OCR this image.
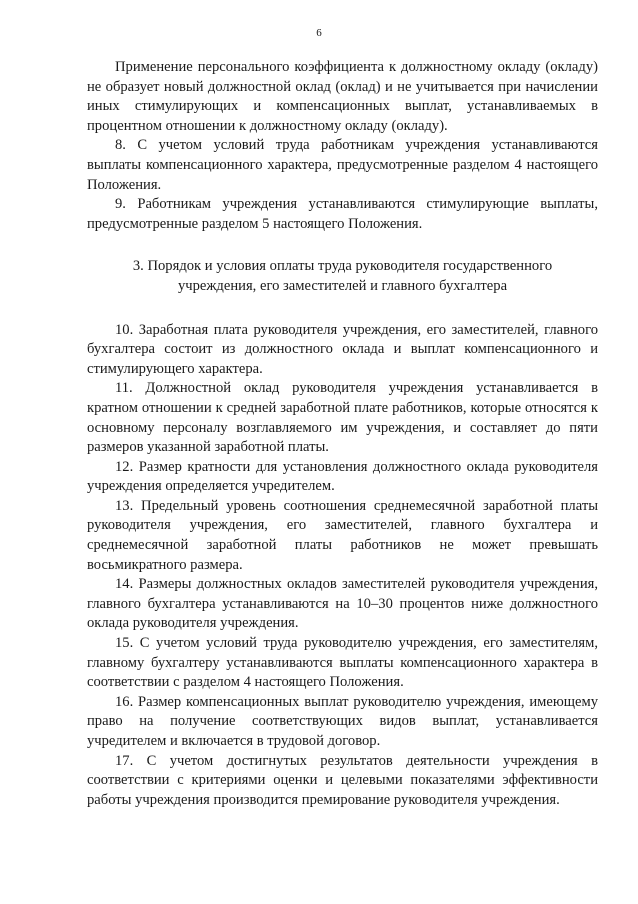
6

Применение персонального коэффициента к должностному окладу (окладу) не образует новый должностной оклад (оклад) и не учитывается при начислении иных стимулирующих и компенсационных выплат, устанавливаемых в процентном отношении к должностному окладу (окладу).

8. С учетом условий труда работникам учреждения устанавливаются выплаты компенсационного характера, предусмотренные разделом 4 настоящего Положения.

9. Работникам учреждения устанавливаются стимулирующие выплаты, предусмотренные разделом 5 настоящего Положения.

3. Порядок и условия оплаты труда руководителя государственного учреждения, его заместителей и главного бухгалтера

10. Заработная плата руководителя учреждения, его заместителей, главного бухгалтера состоит из должностного оклада и выплат компенсационного и стимулирующего характера.

11. Должностной оклад руководителя учреждения устанавливается в кратном отношении к средней заработной плате работников, которые относятся к основному персоналу возглавляемого им учреждения, и составляет до пяти размеров указанной заработной платы.

12. Размер кратности для установления должностного оклада руководителя учреждения определяется учредителем.

13. Предельный уровень соотношения среднемесячной заработной платы руководителя учреждения, его заместителей, главного бухгалтера и среднемесячной заработной платы работников не может превышать восьмикратного размера.

14. Размеры должностных окладов заместителей руководителя учреждения, главного бухгалтера устанавливаются на 10–30 процентов ниже должностного оклада руководителя учреждения.

15. С учетом условий труда руководителю учреждения, его заместителям, главному бухгалтеру устанавливаются выплаты компенсационного характера в соответствии с разделом 4 настоящего Положения.

16. Размер компенсационных выплат руководителю учреждения, имеющему право на получение соответствующих видов выплат, устанавливается учредителем и включается в трудовой договор.

17. С учетом достигнутых результатов деятельности учреждения в соответствии с критериями оценки и целевыми показателями эффективности работы учреждения производится премирование руководителя учреждения.
